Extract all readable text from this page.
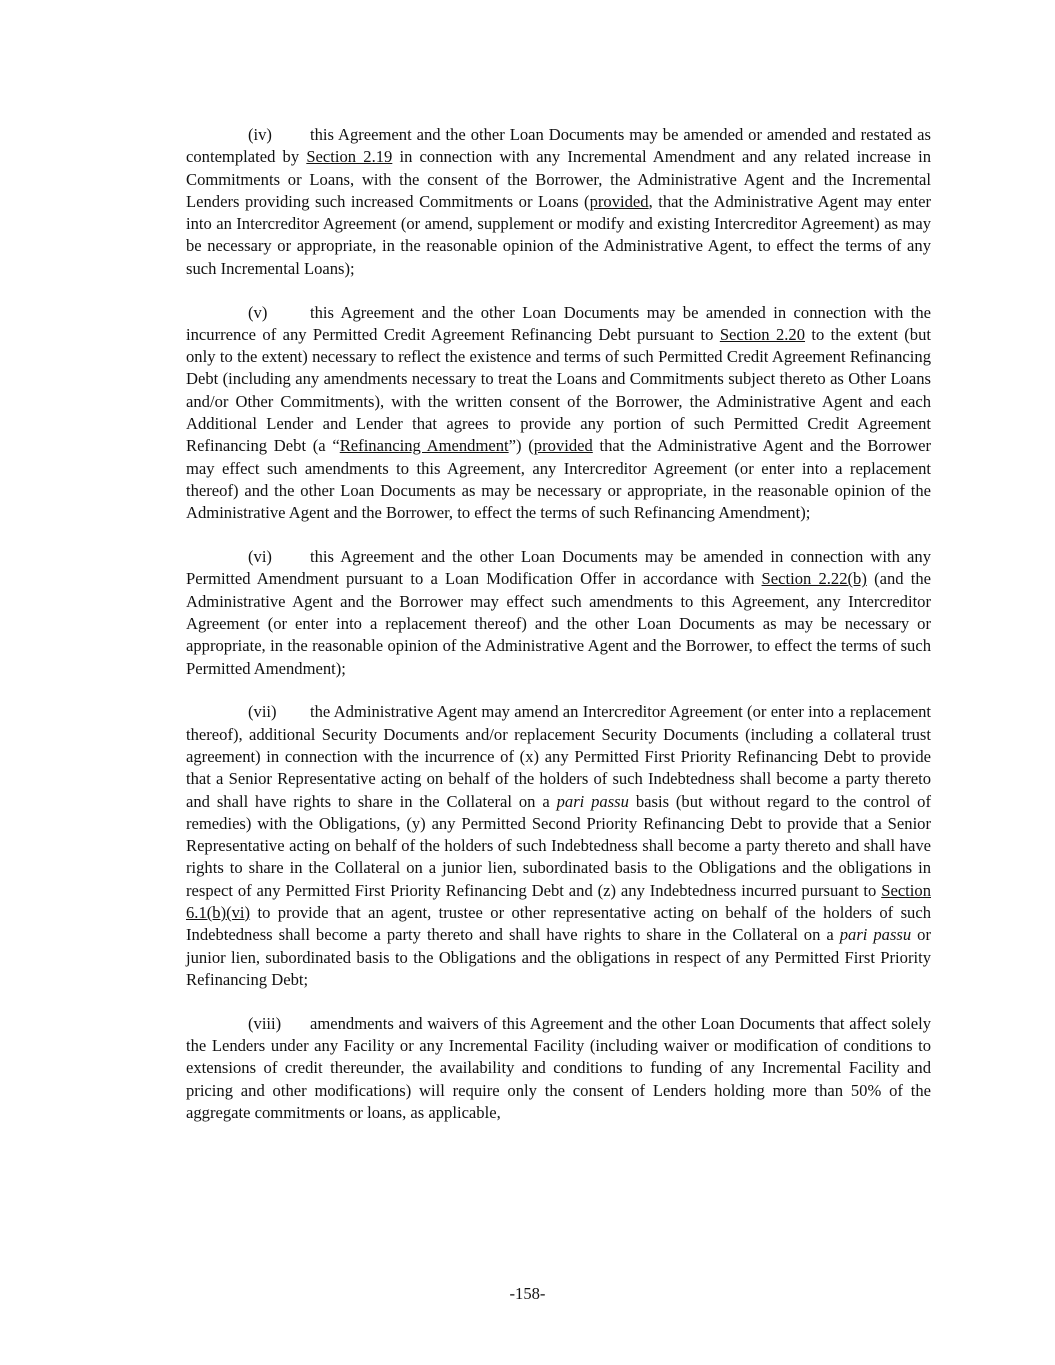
(iv) this Agreement and the other Loan Documents may be amended or amended and restated as contemplated by Section 2.19 in connection with any Incremental Amendment and any related increase in Commitments or Loans, with the consent of the Borrower, the Administrative Agent and the Incremental Lenders providing such increased Commitments or Loans (provided, that the Administrative Agent may enter into an Intercreditor Agreement (or amend, supplement or modify and existing Intercreditor Agreement) as may be necessary or appropriate, in the reasonable opinion of the Administrative Agent, to effect the terms of any such Incremental Loans);

(v)	this Agreement and the other Loan Documents may be amended in connection with the incurrence of any Permitted Credit Agreement Refinancing Debt pursuant to Section 2.20 to the extent (but only to the extent) necessary to reflect the existence and terms of such Permitted Credit Agreement Refinancing Debt (including any amendments necessary to treat the Loans and Commitments subject thereto as Other Loans and/or Other Commitments), with the written consent of the Borrower, the Administrative Agent and each Additional Lender and Lender that agrees to provide any portion of such Permitted Credit Agreement Refinancing Debt (a “Refinancing Amendment”) (provided that the Administrative Agent and the Borrower may effect such amendments to this Agreement, any Intercreditor Agreement (or enter into a replacement thereof) and the other Loan Documents as may be necessary or appropriate, in the reasonable opinion of the Administrative Agent and the Borrower, to effect the terms of such Refinancing Amendment);

(vi) this Agreement and the other Loan Documents may be amended in connection with any Permitted Amendment pursuant to a Loan Modification Offer in accordance with Section 2.22(b) (and the Administrative Agent and the Borrower may effect such amendments to this Agreement, any Intercreditor Agreement (or enter into a replacement thereof) and the other Loan Documents as may be necessary or appropriate, in the reasonable opinion of the Administrative Agent and the Borrower, to effect the terms of such Permitted Amendment);

(vii) the Administrative Agent may amend an Intercreditor Agreement (or enter into a replacement thereof), additional Security Documents and/or replacement Security Documents (including a collateral trust agreement) in connection with the incurrence of (x) any Permitted First Priority Refinancing Debt to provide that a Senior Representative acting on behalf of the holders of such Indebtedness shall become a party thereto and shall have rights to share in the Collateral on a pari passu basis (but without regard to the control of remedies) with the Obligations, (y) any Permitted Second Priority Refinancing Debt to provide that a Senior Representative acting on behalf of the holders of such Indebtedness shall become a party thereto and shall have rights to share in the Collateral on a junior lien, subordinated basis to the Obligations and the obligations in respect of any Permitted First Priority Refinancing Debt and (z) any Indebtedness incurred pursuant to Section 6.1(b)(vi) to provide that an agent, trustee or other representative acting on behalf of the holders of such Indebtedness shall become a party thereto and shall have rights to share in the Collateral on a pari passu or junior lien, subordinated basis to the Obligations and the obligations in respect of any Permitted First Priority Refinancing Debt;

(viii) amendments and waivers of this Agreement and the other Loan Documents that affect solely the Lenders under any Facility or any Incremental Facility (including waiver or modification of conditions to extensions of credit thereunder, the availability and conditions to funding of any Incremental Facility and pricing and other modifications) will require only the consent of Lenders holding more than 50% of the aggregate commitments or loans, as applicable,

-158-
